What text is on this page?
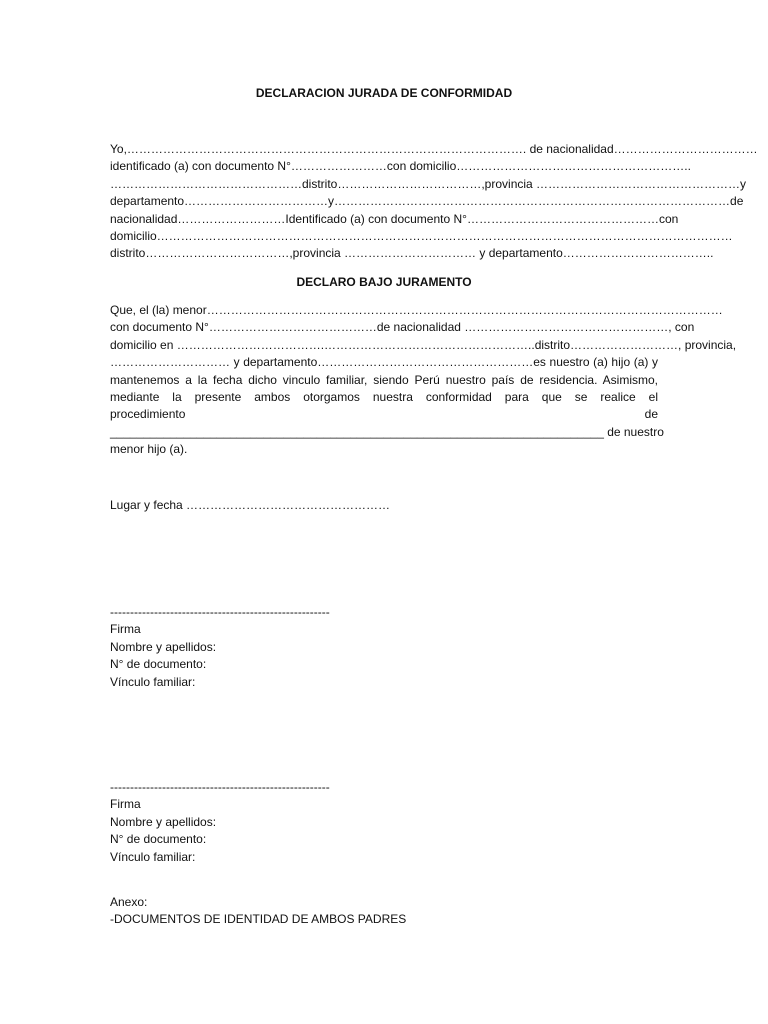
DECLARACION JURADA DE CONFORMIDAD
Yo,………………………………………………………………………………………. de nacionalidad………………………………
identificado (a) con documento N°……………………con domicilio…………………………………………………..
…………………………………………distrito………………………………,provincia ……………………………………………y
departamento………………………………y………………………………………………………………………………………de
nacionalidad………………………Identificado (a) con documento N°…………………………………………con
domicilio………………………………………………………………………………………………………………………………
distrito………………………………,provincia …………………………… y departamento………………………………..
DECLARO BAJO JURAMENTO
Que, el (la) menor…………………………………………………………………………………………………………………
con documento N°……………………………………de nacionalidad ……………………………………………, con
domicilio en ……………………………….……………………………………………..distrito………………………, provincia,
………………………… y departamento………………………………………………es nuestro (a) hijo (a) y
mantenemos a la fecha dicho vinculo familiar, siendo Perú nuestro país de residencia. Asimismo,
mediante la presente ambos otorgamos nuestra conformidad para que se realice el
procedimiento de
__________________________________________________________________________ de nuestro
menor hijo (a).
Lugar y fecha ……………………………………………
-------------------------------------------------------
Firma
Nombre y apellidos:
N° de documento:
Vínculo familiar:
-------------------------------------------------------
Firma
Nombre y apellidos:
N° de documento:
Vínculo familiar:
Anexo:
-DOCUMENTOS DE IDENTIDAD DE AMBOS PADRES
